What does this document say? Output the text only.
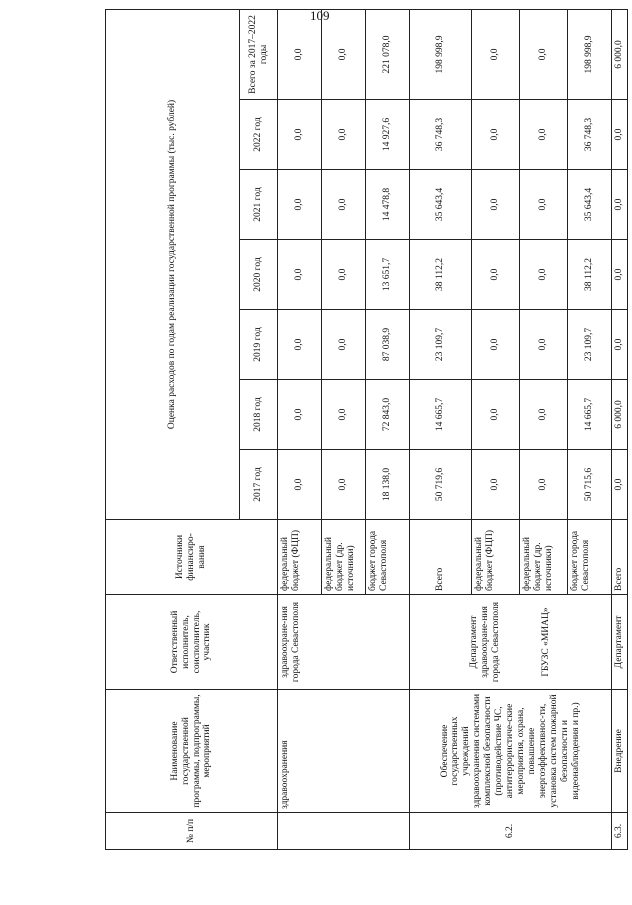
109
№ п/п	Наименование государственной программы, подпрограммы, мероприятий	Ответственный исполнитель, соисполнитель, участник	Источники финансиро-вания	Оценка расходов по годам реализации государственной программы (тыс. рублей)						
				2017 год	2018 год	2019 год	2020 год	2021 год	2022 год	Всего за 2017–2022 годы
	здравоохранения	здравоохране-ния города Севастополя	федеральный бюджет (ФЦП)	0,0	0,0	0,0	0,0	0,0	0,0	0,0
			федеральный бюджет (др. источники)	0,0	0,0	0,0	0,0	0,0	0,0	0,0
			бюджет города Севастополя	18 138,0	72 843,0	87 038,9	13 651,7	14 478,8	14 927,6	221 078,0
6.2.	Обеспечение государственных учреждений здравоохранения системами комплексной безопасности (противодействие ЧС, антитеррористиче-ские мероприятия, охрана, повышение энергоэффективнос-ти, установка систем пожарной безопасности и видеонаблюдения и пр.)	Департамент здравоохране-ния города Севастополя ГБУЗС «МИАЦ»	Всего	50 719,6	14 665,7	23 109,7	38 112,2	35 643,4	36 748,3	198 998,9
			федеральный бюджет (ФЦП)	0,0	0,0	0,0	0,0	0,0	0,0	0,0
			федеральный бюджет (др. источники)	0,0	0,0	0,0	0,0	0,0	0,0	0,0
			бюджет города Севастополя	50 715,6	14 665,7	23 109,7	38 112,2	35 643,4	36 748,3	198 998,9
6.3.	Внедрение	Департамент	Всего	0,0	6 000,0	0,0	0,0	0,0	0,0	6 000,0
